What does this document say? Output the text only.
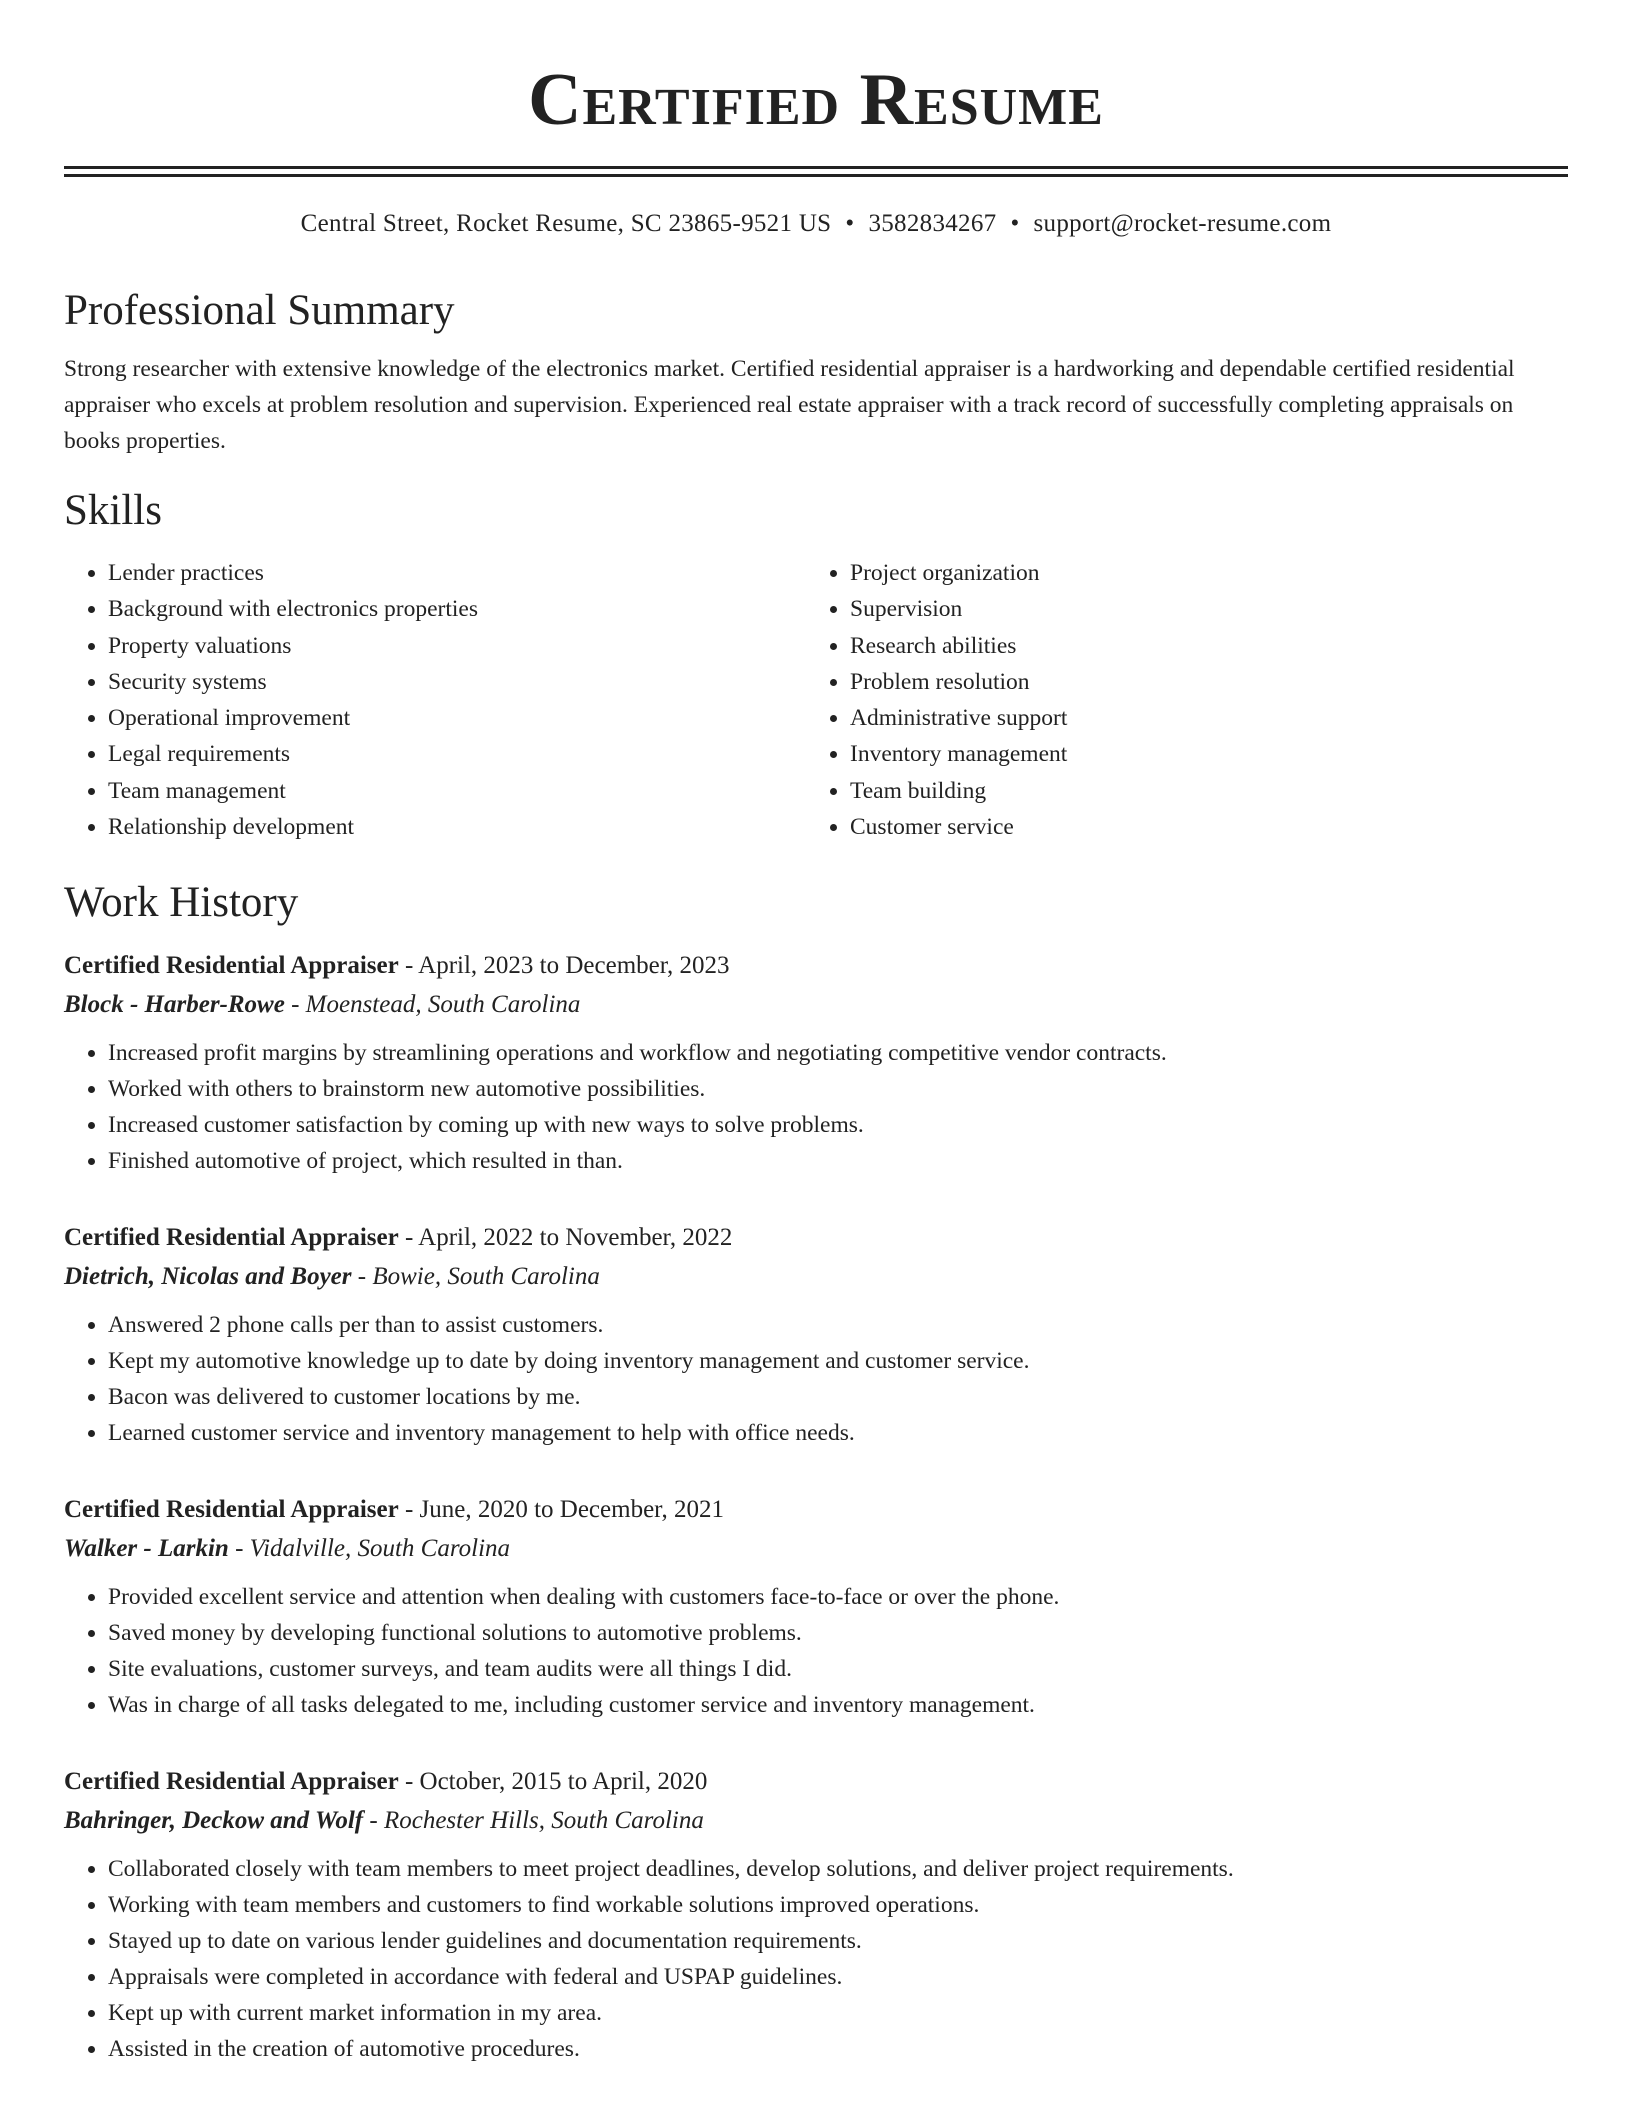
Certified Resume
Central Street, Rocket Resume, SC 23865-9521 US • 3582834267 • support@rocket-resume.com
Professional Summary

Strong researcher with extensive knowledge of the electronics market. Certified residential appraiser is a hardworking and dependable certified residential appraiser who excels at problem resolution and supervision. Experienced real estate appraiser with a track record of successfully completing appraisals on books properties.

Skills
• Lender practices
• Background with electronics properties
• Property valuations
• Security systems
• Operational improvement
• Legal requirements
• Team management
• Relationship development
• Project organization
• Supervision
• Research abilities
• Problem resolution
• Administrative support
• Inventory management
• Team building
• Customer service
Work History
Certified Residential Appraiser - April, 2023 to December, 2023
Block - Harber-Rowe - Moenstead, South Carolina
• Increased profit margins by streamlining operations and workflow and negotiating competitive vendor contracts.
• Worked with others to brainstorm new automotive possibilities.
• Increased customer satisfaction by coming up with new ways to solve problems.
• Finished automotive of project, which resulted in than.
Certified Residential Appraiser - April, 2022 to November, 2022
Dietrich, Nicolas and Boyer - Bowie, South Carolina
• Answered 2 phone calls per than to assist customers.
• Kept my automotive knowledge up to date by doing inventory management and customer service.
• Bacon was delivered to customer locations by me.
• Learned customer service and inventory management to help with office needs.
Certified Residential Appraiser - June, 2020 to December, 2021
Walker - Larkin - Vidalville, South Carolina
• Provided excellent service and attention when dealing with customers face-to-face or over the phone.
• Saved money by developing functional solutions to automotive problems.
• Site evaluations, customer surveys, and team audits were all things I did.
• Was in charge of all tasks delegated to me, including customer service and inventory management.
Certified Residential Appraiser - October, 2015 to April, 2020
Bahringer, Deckow and Wolf - Rochester Hills, South Carolina
• Collaborated closely with team members to meet project deadlines, develop solutions, and deliver project requirements.
• Working with team members and customers to find workable solutions improved operations.
• Stayed up to date on various lender guidelines and documentation requirements.
• Appraisals were completed in accordance with federal and USPAP guidelines.
• Kept up with current market information in my area.
• Assisted in the creation of automotive procedures.
